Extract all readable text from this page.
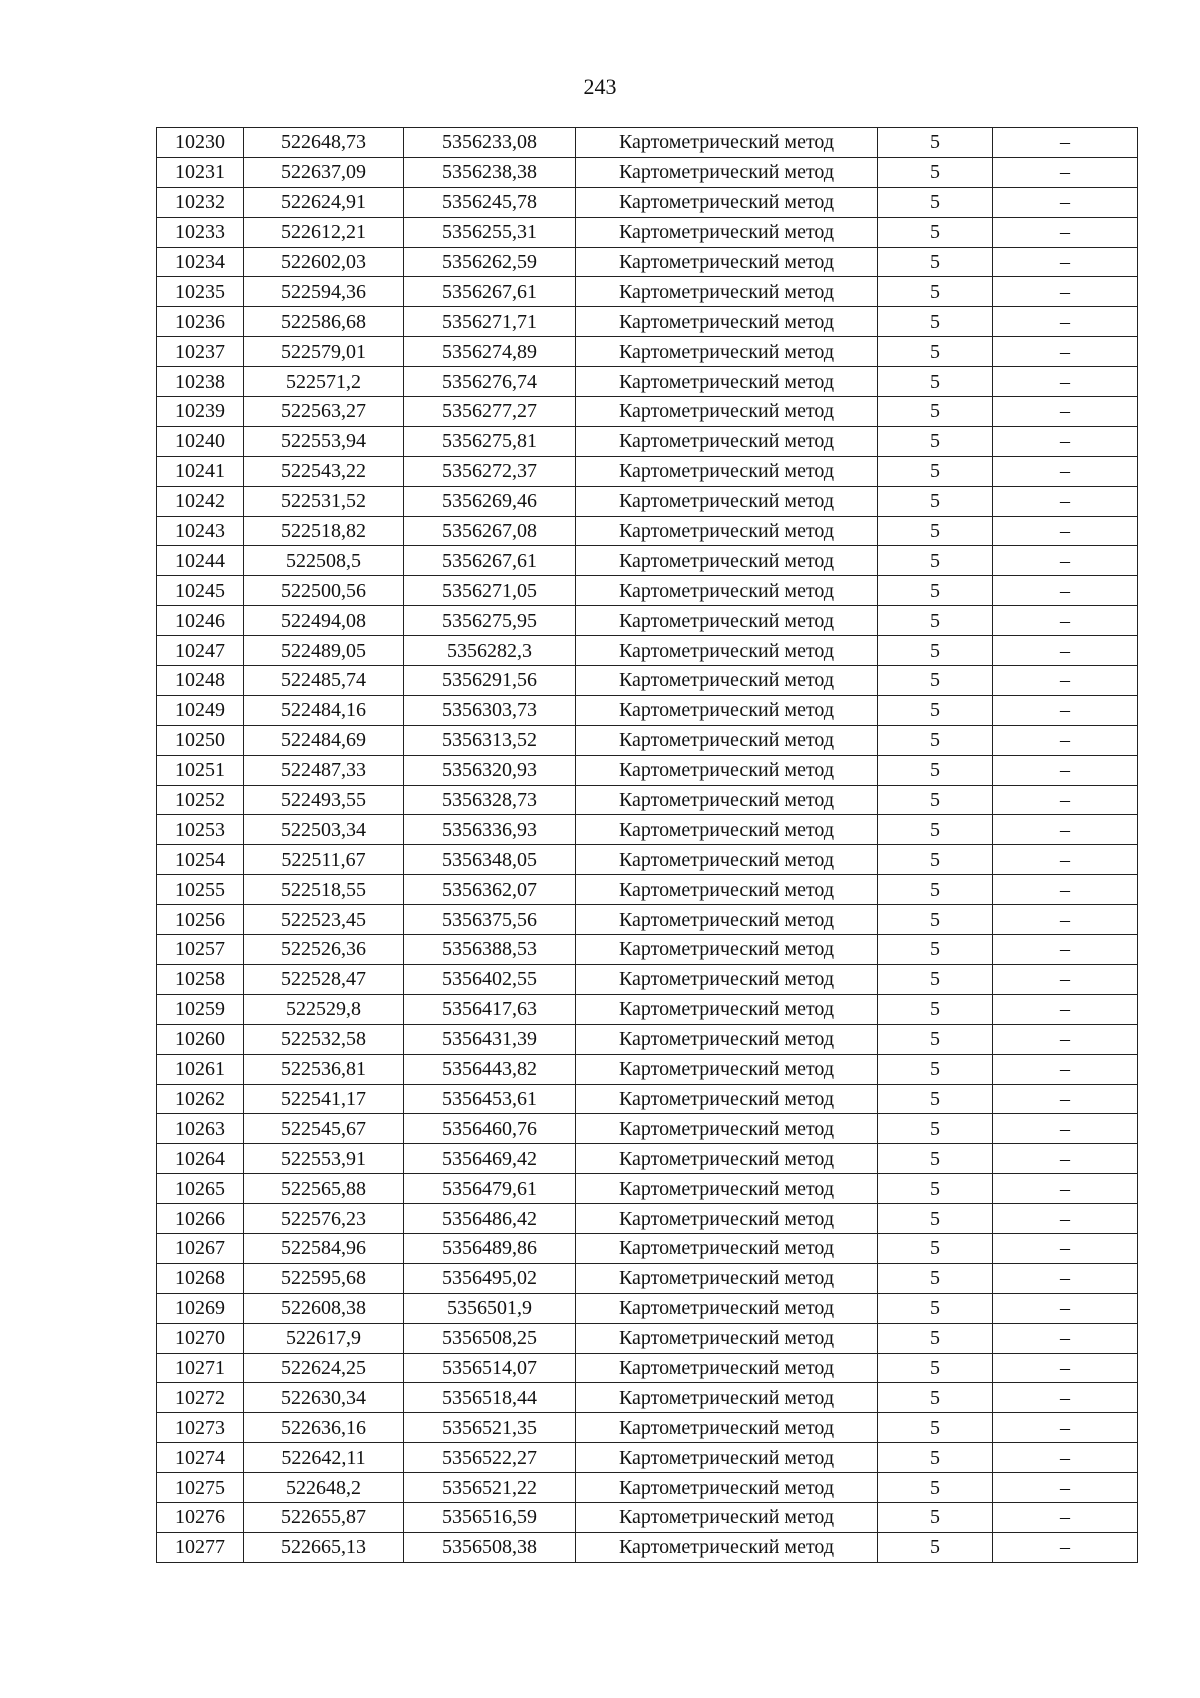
243
10230	522648,73	5356233,08	Картометрический метод	5	–
10231	522637,09	5356238,38	Картометрический метод	5	–
10232	522624,91	5356245,78	Картометрический метод	5	–
10233	522612,21	5356255,31	Картометрический метод	5	–
10234	522602,03	5356262,59	Картометрический метод	5	–
10235	522594,36	5356267,61	Картометрический метод	5	–
10236	522586,68	5356271,71	Картометрический метод	5	–
10237	522579,01	5356274,89	Картометрический метод	5	–
10238	522571,2	5356276,74	Картометрический метод	5	–
10239	522563,27	5356277,27	Картометрический метод	5	–
10240	522553,94	5356275,81	Картометрический метод	5	–
10241	522543,22	5356272,37	Картометрический метод	5	–
10242	522531,52	5356269,46	Картометрический метод	5	–
10243	522518,82	5356267,08	Картометрический метод	5	–
10244	522508,5	5356267,61	Картометрический метод	5	–
10245	522500,56	5356271,05	Картометрический метод	5	–
10246	522494,08	5356275,95	Картометрический метод	5	–
10247	522489,05	5356282,3	Картометрический метод	5	–
10248	522485,74	5356291,56	Картометрический метод	5	–
10249	522484,16	5356303,73	Картометрический метод	5	–
10250	522484,69	5356313,52	Картометрический метод	5	–
10251	522487,33	5356320,93	Картометрический метод	5	–
10252	522493,55	5356328,73	Картометрический метод	5	–
10253	522503,34	5356336,93	Картометрический метод	5	–
10254	522511,67	5356348,05	Картометрический метод	5	–
10255	522518,55	5356362,07	Картометрический метод	5	–
10256	522523,45	5356375,56	Картометрический метод	5	–
10257	522526,36	5356388,53	Картометрический метод	5	–
10258	522528,47	5356402,55	Картометрический метод	5	–
10259	522529,8	5356417,63	Картометрический метод	5	–
10260	522532,58	5356431,39	Картометрический метод	5	–
10261	522536,81	5356443,82	Картометрический метод	5	–
10262	522541,17	5356453,61	Картометрический метод	5	–
10263	522545,67	5356460,76	Картометрический метод	5	–
10264	522553,91	5356469,42	Картометрический метод	5	–
10265	522565,88	5356479,61	Картометрический метод	5	–
10266	522576,23	5356486,42	Картометрический метод	5	–
10267	522584,96	5356489,86	Картометрический метод	5	–
10268	522595,68	5356495,02	Картометрический метод	5	–
10269	522608,38	5356501,9	Картометрический метод	5	–
10270	522617,9	5356508,25	Картометрический метод	5	–
10271	522624,25	5356514,07	Картометрический метод	5	–
10272	522630,34	5356518,44	Картометрический метод	5	–
10273	522636,16	5356521,35	Картометрический метод	5	–
10274	522642,11	5356522,27	Картометрический метод	5	–
10275	522648,2	5356521,22	Картометрический метод	5	–
10276	522655,87	5356516,59	Картометрический метод	5	–
10277	522665,13	5356508,38	Картометрический метод	5	–
